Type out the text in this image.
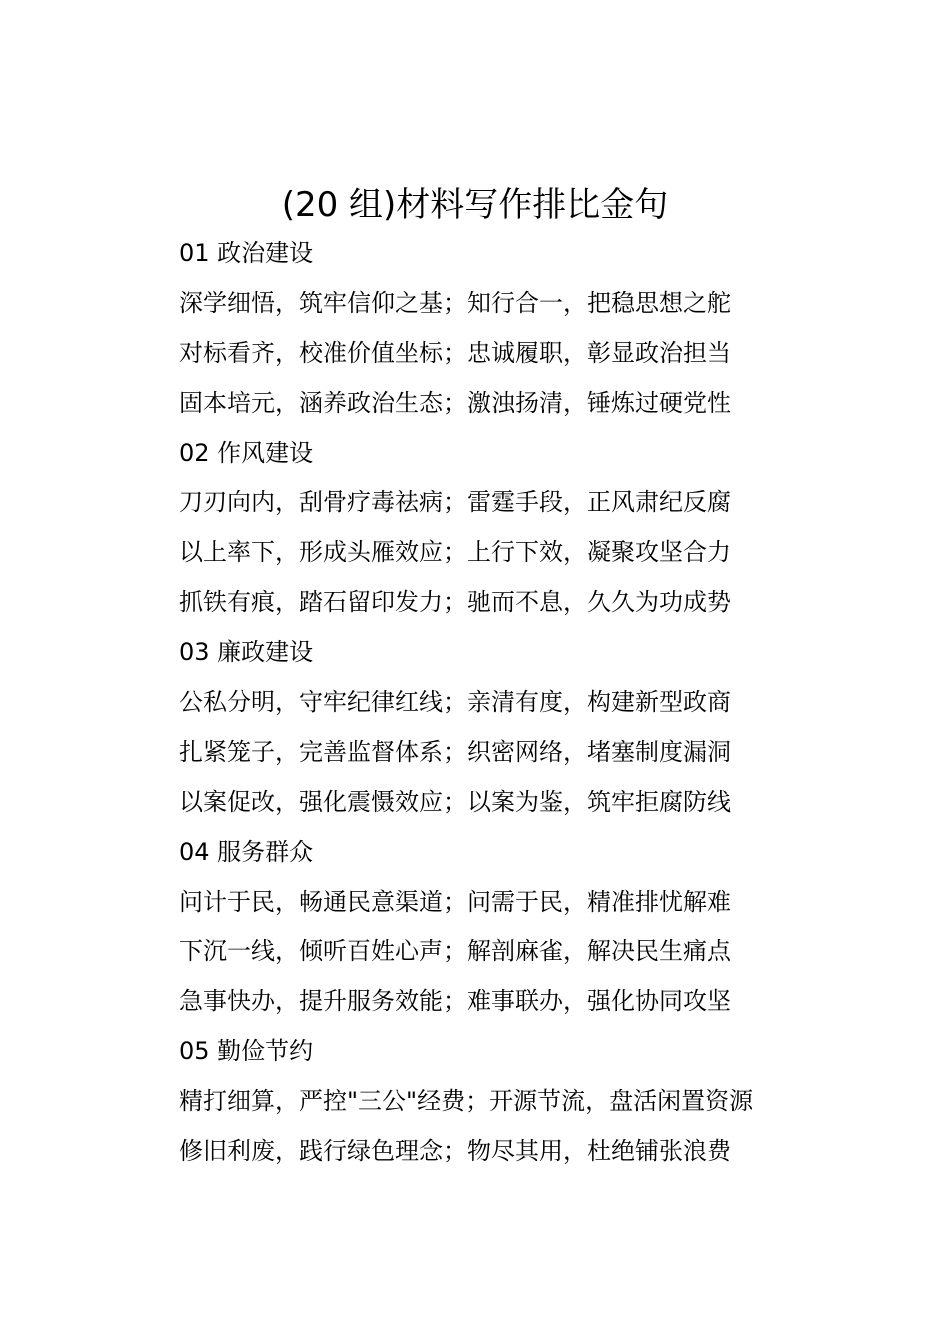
(20 组)材料写作排比金句

01 政治建设

深学细悟，筑牢信仰之基；知行合一，把稳思想之舵

对标看齐，校准价值坐标；忠诚履职，彰显政治担当

固本培元，涵养政治生态；激浊扬清，锤炼过硬党性

02 作风建设

刀刃向内，刮骨疗毒祛病；雷霆手段，正风肃纪反腐

以上率下，形成头雁效应；上行下效，凝聚攻坚合力

抓铁有痕，踏石留印发力；驰而不息，久久为功成势

03 廉政建设

公私分明，守牢纪律红线；亲清有度，构建新型政商

扎紧笼子，完善监督体系；织密网络，堵塞制度漏洞

以案促改，强化震慑效应；以案为鉴，筑牢拒腐防线

04 服务群众

问计于民，畅通民意渠道；问需于民，精准排忧解难

下沉一线，倾听百姓心声；解剖麻雀，解决民生痛点

急事快办，提升服务效能；难事联办，强化协同攻坚

05 勤俭节约

精打细算，严控"三公"经费；开源节流，盘活闲置资源

修旧利废，践行绿色理念；物尽其用，杜绝铺张浪费
